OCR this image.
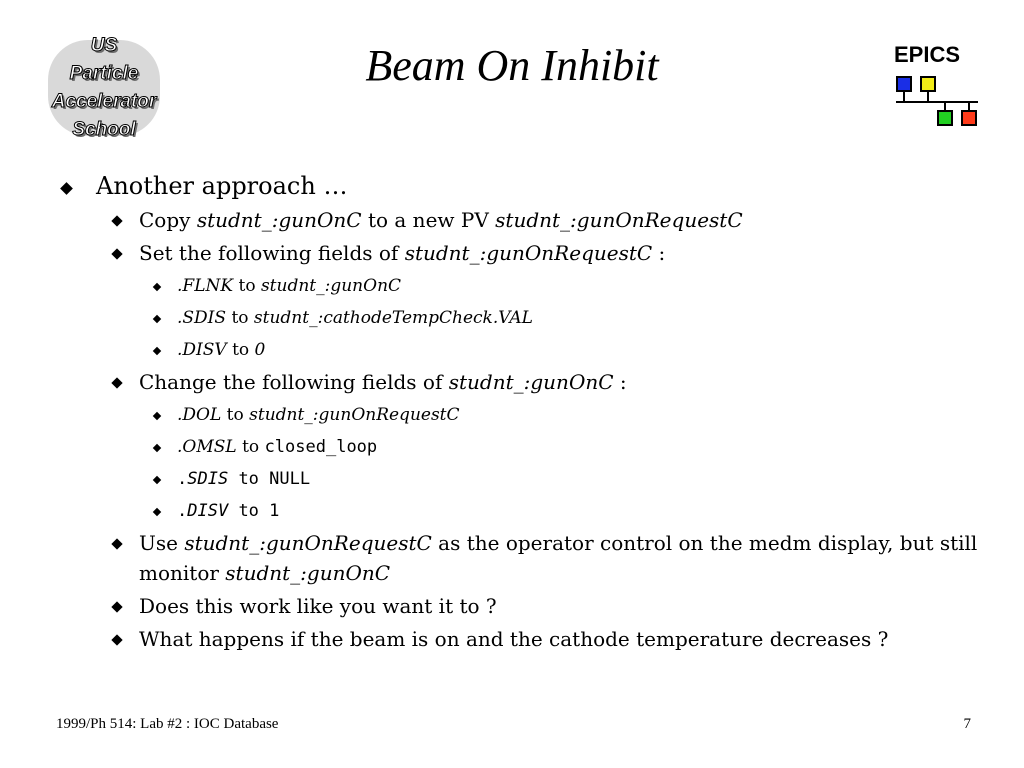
US
Particle
Accelerator
School
Beam On Inhibit	EPICS
Another approach …
Copy studnt_:gunOnC to a new PV studnt_:gunOnRequestC
Set the following fields of studnt_:gunOnRequestC :
.FLNK to studnt_:gunOnC
.SDIS to studnt_:cathodeTempCheck.VAL
.DISV to 0
Change the following fields of studnt_:gunOnC :
.DOL to studnt_:gunOnRequestC
.OMSL to closed_loop
.SDIS to NULL
.DISV to 1
Use studnt_:gunOnRequestC as the operator control on the medm display, but still monitor studnt_:gunOnC
Does this work like you want it to ?
What happens if the beam is on and the cathode temperature decreases ?
1999/Ph 514: Lab #2 : IOC Database	7
